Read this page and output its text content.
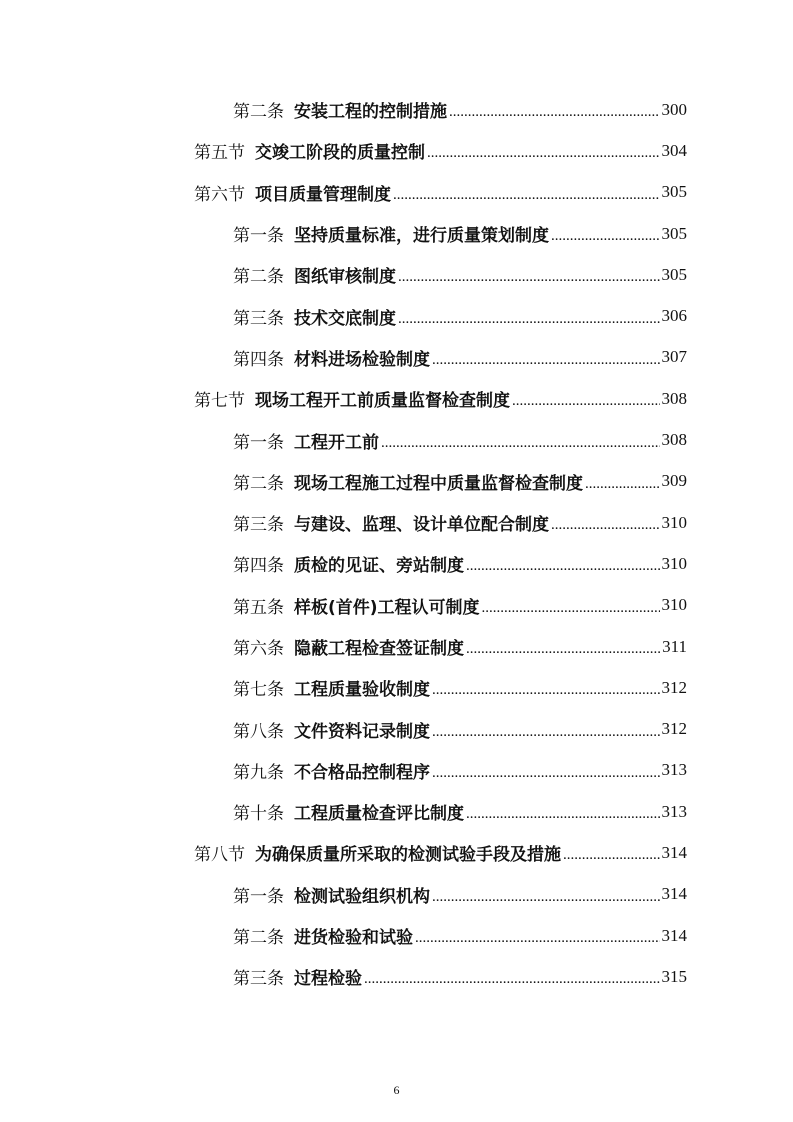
第二条 安装工程的控制措施 .....	300
第五节 交竣工阶段的质量控制 .....	304
第六节 项目质量管理制度 .....	305
第一条 坚持质量标准，进行质量策划制度 .....	305
第二条 图纸审核制度 .....	305
第三条 技术交底制度 .....	306
第四条 材料进场检验制度 .....	307
第七节 现场工程开工前质量监督检查制度 .....	308
第一条 工程开工前 .....	308
第二条 现场工程施工过程中质量监督检查制度 .....	309
第三条 与建设、监理、设计单位配合制度 .....	310
第四条 质检的见证、旁站制度 .....	310
第五条 样板(首件)工程认可制度 .....	310
第六条 隐蔽工程检查签证制度 .....	311
第七条 工程质量验收制度 .....	312
第八条 文件资料记录制度 .....	312
第九条 不合格品控制程序 .....	313
第十条 工程质量检查评比制度 .....	313
第八节 为确保质量所采取的检测试验手段及措施 .....	314
第一条 检测试验组织机构 .....	314
第二条 进货检验和试验 .....	314
第三条 过程检验 .....	315
6
